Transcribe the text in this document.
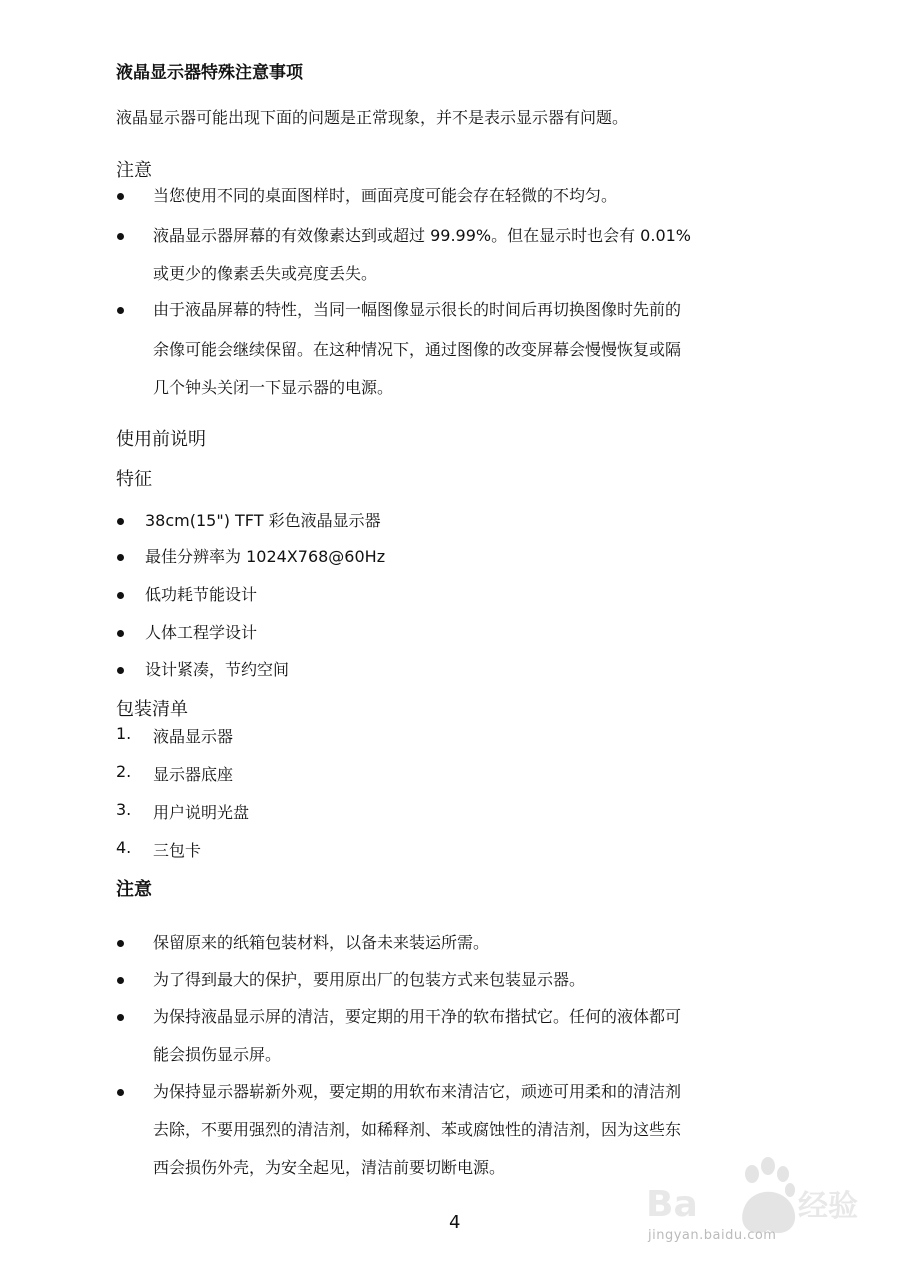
液晶显示器特殊注意事项
液晶显示器可能出现下面的问题是正常现象，并不是表示显示器有问题。
注意
当您使用不同的桌面图样时，画面亮度可能会存在轻微的不均匀。
液晶显示器屏幕的有效像素达到或超过 99.99%。但在显示时也会有 0.01%
或更少的像素丢失或亮度丢失。
由于液晶屏幕的特性，当同一幅图像显示很长的时间后再切换图像时先前的
余像可能会继续保留。在这种情况下，通过图像的改变屏幕会慢慢恢复或隔
几个钟头关闭一下显示器的电源。
使用前说明
特征
38cm(15") TFT 彩色液晶显示器
最佳分辨率为 1024X768@60Hz
低功耗节能设计
人体工程学设计
设计紧凑，节约空间
包装清单
1. 液晶显示器
2. 显示器底座
3. 用户说明光盘
4. 三包卡
注意
保留原来的纸箱包装材料，以备未来装运所需。
为了得到最大的保护，要用原出厂的包装方式来包装显示器。
为保持液晶显示屏的清洁，要定期的用干净的软布揩拭它。任何的液体都可
能会损伤显示屏。
为保持显示器崭新外观，要定期的用软布来清洁它，顽迹可用柔和的清洁剂
去除，不要用强烈的清洁剂，如稀释剂、苯或腐蚀性的清洁剂，因为这些东
西会损伤外壳，为安全起见，清洁前要切断电源。
4	Ba	经验
jingyan.baidu.com
